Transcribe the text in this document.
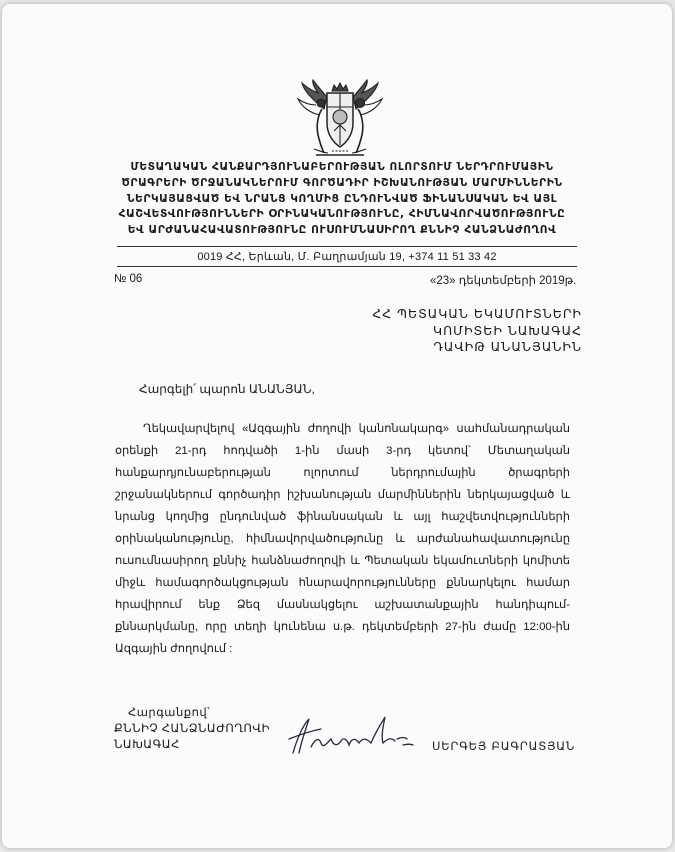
ՄԵՏԱՂԱԿԱՆ ՀԱՆՔԱՐԴՅՈՒՆԱԲԵՐՈՒԹՅԱՆ ՈԼՈՐՏՈՒՄ ՆԵՐԴՐՈՒՄԱՅԻՆ
ԾՐԱԳՐԵՐԻ ԾՐՋԱՆԱԿՆԵՐՈՒՄ ԳՈՐԾԱԴԻՐ ԻՇԽԱՆՈՒԹՅԱՆ ՄԱՐՄԻՆՆԵՐԻՆ
ՆԵՐԿԱՅԱՑՎԱԾ ԵՎ ՆՐԱՆՑ ԿՈՂՄԻՑ ԸՆԴՈՒՆՎԱԾ ՖԻՆԱՆՍԱԿԱՆ ԵՎ ԱՅԼ
ՀԱՇՎԵՏՎՈՒԹՅՈՒՆՆԵՐԻ ՕՐԻՆԱԿԱՆՈՒԹՅՈՒՆԸ, ՀԻՄՆԱՎՈՐՎԱԾՈՒԹՅՈՒՆԸ
ԵՎ ԱՐԺԱՆԱՀԱՎԱՏՈՒԹՅՈՒՆԸ ՈՒՍՈՒՄՆԱՍԻՐՈՂ ՔՆՆԻՉ ՀԱՆՁՆԱԺՈՂՈՎ
0019 ՀՀ, Երևան, Մ. Բաղրամյան 19, +374 11 51 33 42
№ 06	«23» դեկտեմբերի 2019թ.
ՀՀ ՊԵՏԱԿԱՆ ԵԿԱՄՈՒՏՆԵՐԻ
ԿՈՄԻՏԵԻ ՆԱԽԱԳԱՀ
ԴԱՎԻԹ ԱՆԱՆՅԱՆԻՆ
Հարգելի՛ պարոն ԱՆԱՆՅԱՆ,
Ղեկավարվելով «Ազգային ժողովի կանոնակարգ» սահմանադրական օրենքի 21-րդ հոդվածի 1-ին մասի 3-րդ կետով՝ Մետաղական հանքարդյունաբերության ոլորտում ներդրումային ծրագրերի շրջանակներում գործադիր իշխանության մարմիններին ներկայացված և նրանց կողմից ընդունված ֆինանսական և այլ հաշվետվությունների օրինականությունը, հիմնավորվածությունը և արժանահավատությունը ուսումնասիրող քննիչ հանձնաժողովի և Պետական եկամուտների կոմիտե միջև համագործակցության հնարավորությունները քննարկելու համար հրավիրում ենք Ձեզ մասնակցելու աշխատանքային հանդիպում-քննարկմանը, որը տեղի կունենա ս.թ. դեկտեմբերի 27-ին ժամը 12:00-ին Ազգային ժողովում :
Հարգանքով՝
ՔՆՆԻՉ ՀԱՆՁՆԱԺՈՂՈՎԻ
ՆԱԽԱԳԱՀ	ՍԵՐԳԵՅ ԲԱԳՐԱՏՅԱՆ
